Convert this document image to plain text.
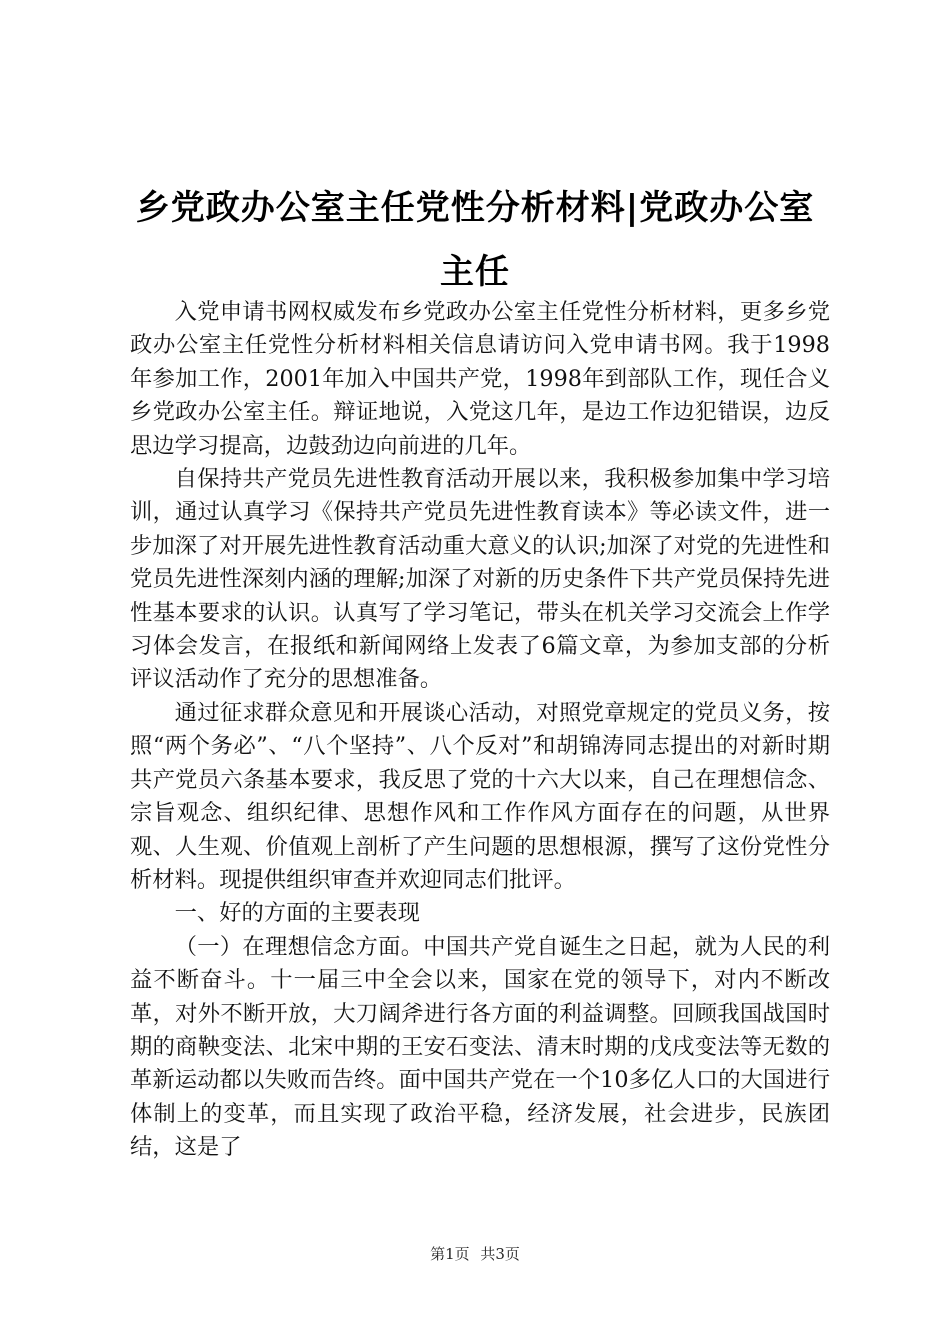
乡党政办公室主任党性分析材料|党政办公室主任

入党申请书网权威发布乡党政办公室主任党性分析材料，更多乡党政办公室主任党性分析材料相关信息请访问入党申请书网。我于1998年参加工作，2001年加入中国共产党，1998年到部队工作，现任合义乡党政办公室主任。辩证地说，入党这几年，是边工作边犯错误，边反思边学习提高，边鼓劲边向前进的几年。

自保持共产党员先进性教育活动开展以来，我积极参加集中学习培训，通过认真学习《保持共产党员先进性教育读本》等必读文件，进一步加深了对开展先进性教育活动重大意义的认识;加深了对党的先进性和党员先进性深刻内涵的理解;加深了对新的历史条件下共产党员保持先进性基本要求的认识。认真写了学习笔记，带头在机关学习交流会上作学习体会发言，在报纸和新闻网络上发表了6篇文章，为参加支部的分析评议活动作了充分的思想准备。

通过征求群众意见和开展谈心活动，对照党章规定的党员义务，按照“两个务必”、“八个坚持”、八个反对”和胡锦涛同志提出的对新时期共产党员六条基本要求，我反思了党的十六大以来，自己在理想信念、宗旨观念、组织纪律、思想作风和工作作风方面存在的问题，从世界观、人生观、价值观上剖析了产生问题的思想根源，撰写了这份党性分析材料。现提供组织审查并欢迎同志们批评。

一、好的方面的主要表现

（一）在理想信念方面。中国共产党自诞生之日起，就为人民的利益不断奋斗。十一届三中全会以来，国家在党的领导下，对内不断改革，对外不断开放，大刀阔斧进行各方面的利益调整。回顾我国战国时期的商鞅变法、北宋中期的王安石变法、清末时期的戊戌变法等无数的革新运动都以失败而告终。面中国共产党在一个10多亿人口的大国进行体制上的变革，而且实现了政治平稳，经济发展，社会进步，民族团结，这是了

第1页 共3页
